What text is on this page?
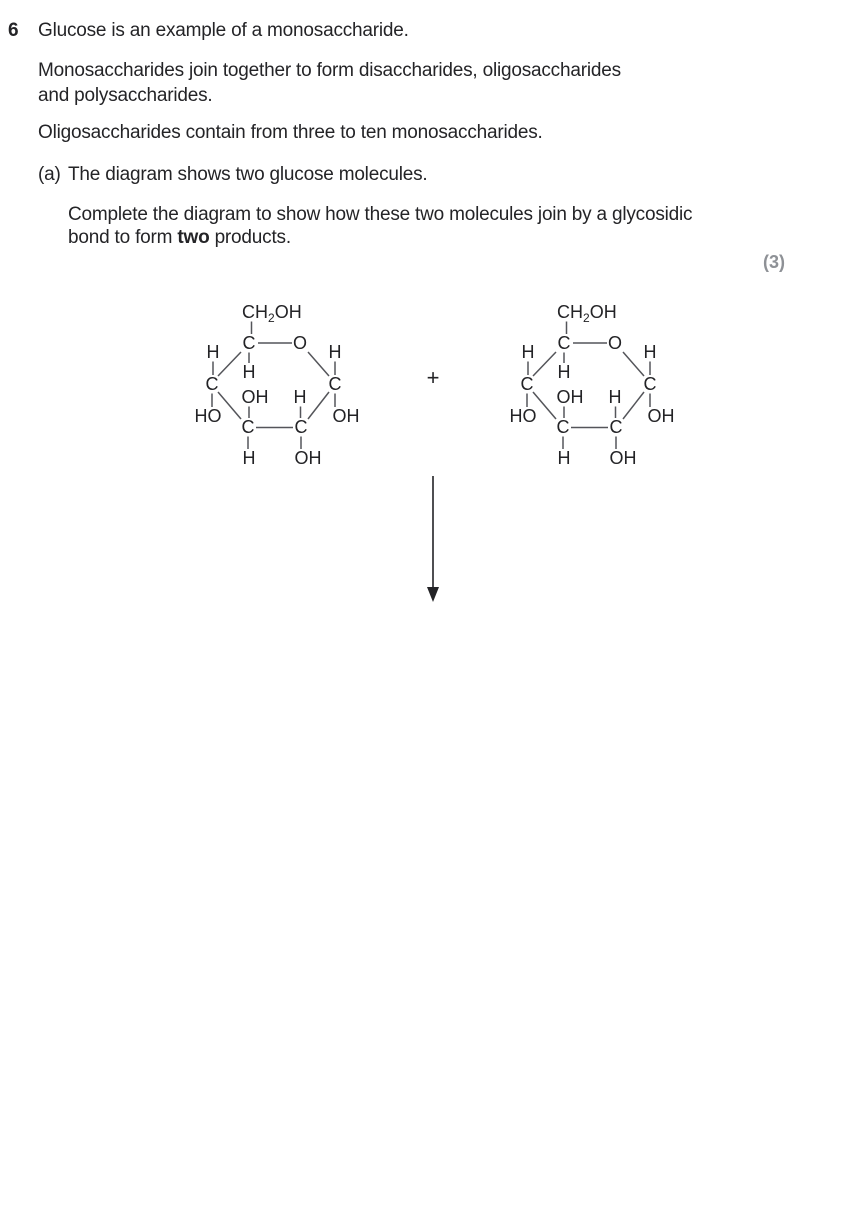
6 Glucose is an example of a monosaccharide.
Monosaccharides join together to form disaccharides, oligosaccharides
and polysaccharides.
Oligosaccharides contain from three to ten monosaccharides.
(a) The diagram shows two glucose molecules.
Complete the diagram to show how these two molecules join by a glycosidic
bond to form two products.
(3)
$CH_2OH$
C O
H
H
C
H
C
HO	OH
OH H
C C
H OH
+
$CH_2OH$
C O
H
H
C
H
C
HO	OH
OH H
C C
H OH
